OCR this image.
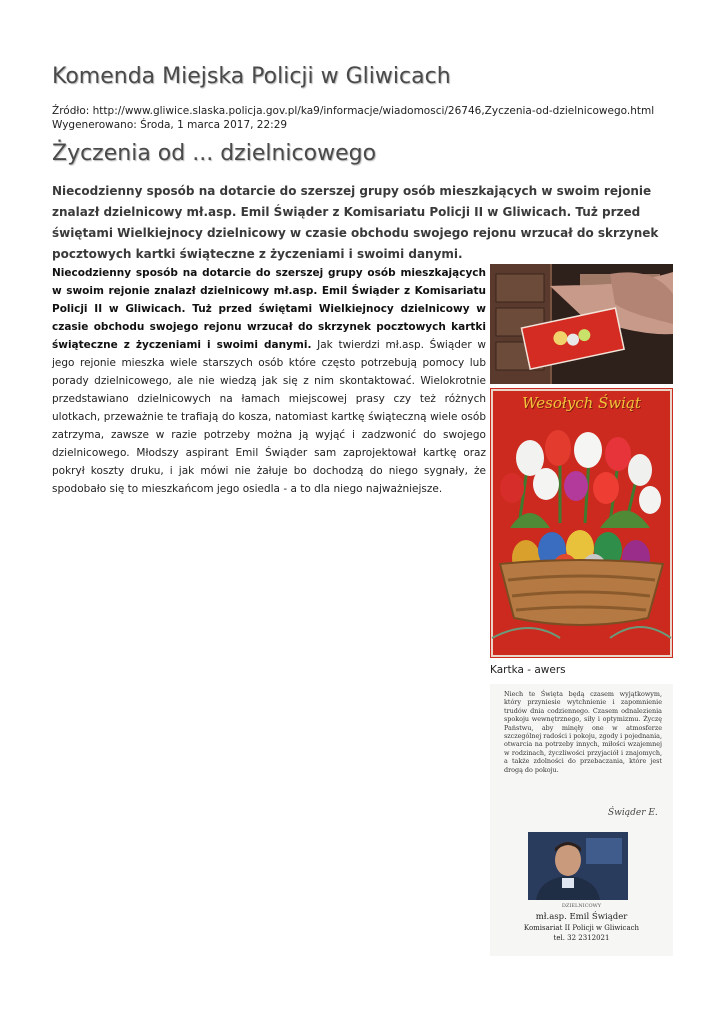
Komenda Miejska Policji w Gliwicach
Źródło: http://www.gliwice.slaska.policja.gov.pl/ka9/informacje/wiadomosci/26746,Zyczenia-od-dzielnicowego.html
Wygenerowano: Środa, 1 marca 2017, 22:29
Życzenia od ... dzielnicowego

Niecodzienny sposób na dotarcie do szerszej grupy osób mieszkających w swoim rejonie znalazł dzielnicowy mł.asp. Emil Świąder z Komisariatu Policji II w Gliwicach. Tuż przed świętami Wielkiejnocy dzielnicowy w czasie obchodu swojego rejonu wrzucał do skrzynek pocztowych kartki świąteczne z życzeniami i swoimi danymi.

Niecodzienny sposób na dotarcie do szerszej grupy osób mieszkających w swoim rejonie znalazł dzielnicowy mł.asp. Emil Świąder z Komisariatu Policji II w Gliwicach. Tuż przed świętami Wielkiejnocy dzielnicowy w czasie obchodu swojego rejonu wrzucał do skrzynek pocztowych kartki świąteczne z życzeniami i swoimi danymi. Jak twierdzi mł.asp. Świąder w jego rejonie mieszka wiele starszych osób które często potrzebują pomocy lub porady dzielnicowego, ale nie wiedzą jak się z nim skontaktować. Wielokrotnie przedstawiano dzielnicowych na łamach miejscowej prasy czy też różnych ulotkach, przeważnie te trafiają do kosza, natomiast kartkę świąteczną wiele osób zatrzyma, zawsze w razie potrzeby można ją wyjąć i zadzwonić do swojego dzielnicowego. Młodszy aspirant Emil Świąder sam zaprojektował kartkę oraz pokrył koszty druku, i jak mówi nie żałuje bo dochodzą do niego sygnały, że spodobało się to mieszkańcom jego osiedla - a to dla niego najważniejsze.

Wesołych Świąt
Kartka - awers
Niech te Święta będą czasem wyjątkowym, który przyniesie wytchnienie i zapomnienie trudów dnia codziennego. Czasem odnalezienia spokoju wewnętrznego, siły i optymizmu. Życzę Państwu, aby minęły one w atmosferze szczególnej radości i pokoju, zgody i pojednania, otwarcia na potrzeby innych, miłości wzajemnej w rodzinach, życzliwości przyjaciół i znajomych, a także zdolności do przebaczania, które jest drogą do pokoju.
Świąder E.
DZIELNICOWY
mł.asp. Emil Świąder
Komisariat II Policji w Gliwicach
tel. 32 2312021
